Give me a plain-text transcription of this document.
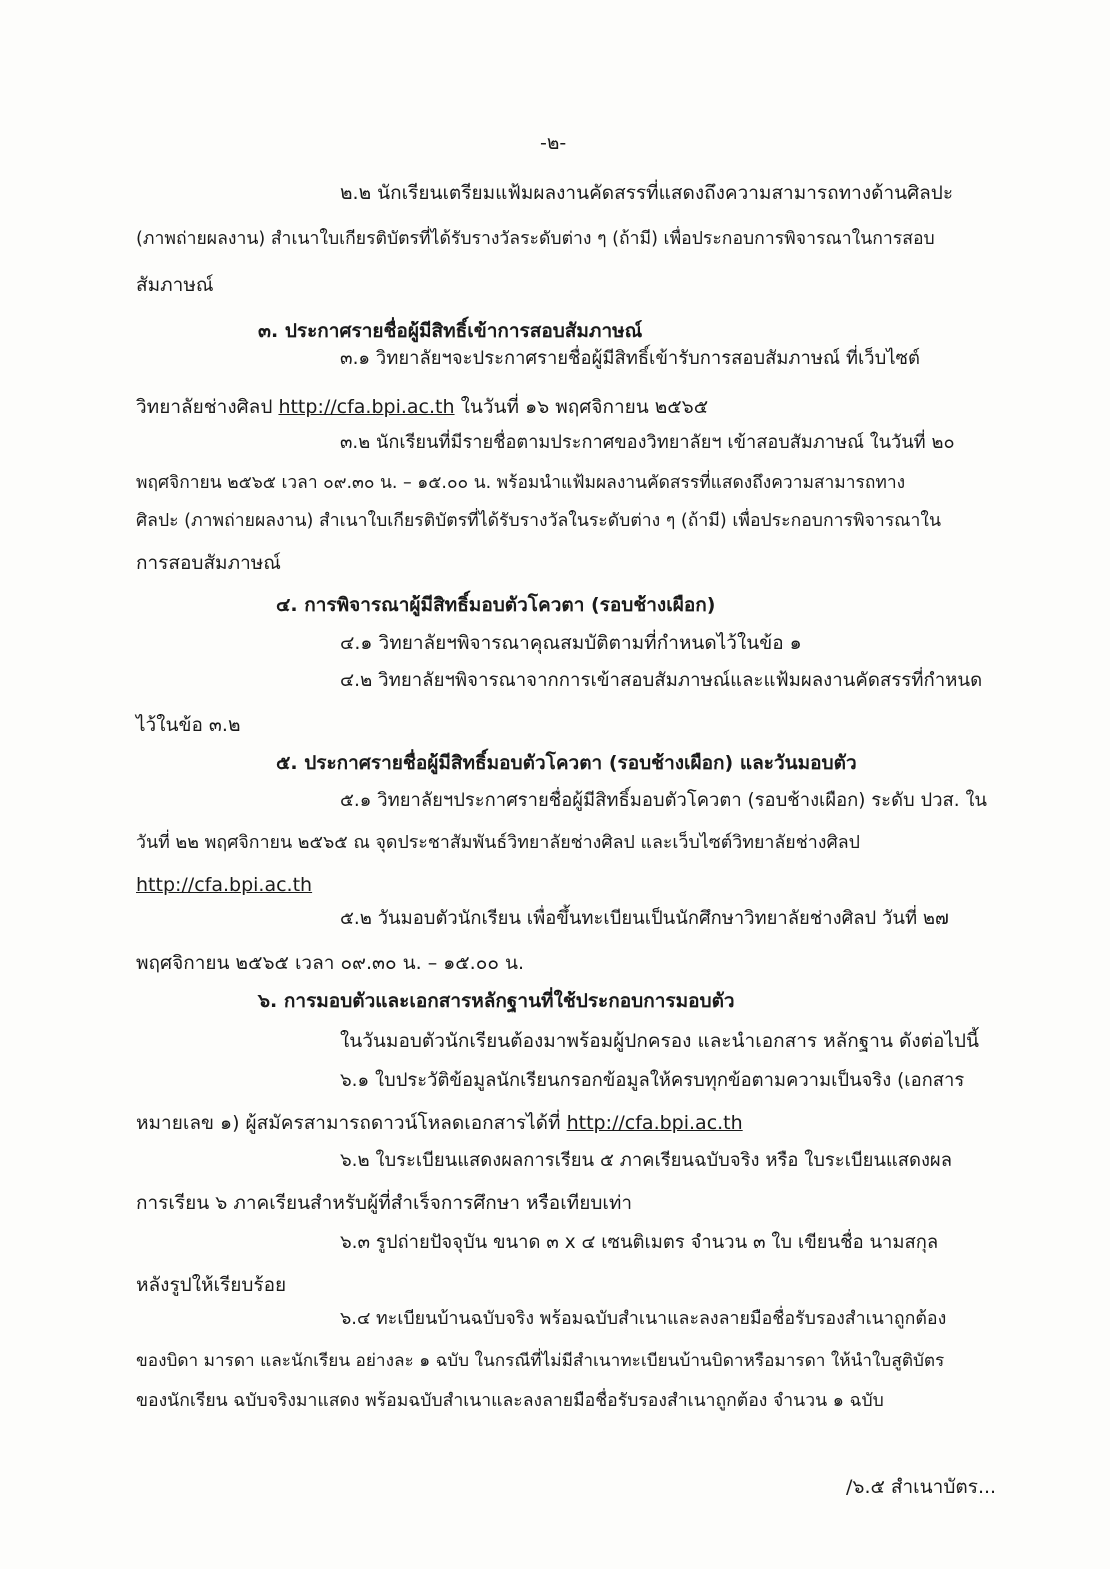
-๒-
๒.๒ นักเรียนเตรียมแฟ้มผลงานคัดสรรที่แสดงถึงความสามารถทางด้านศิลปะ
(ภาพถ่ายผลงาน) สำเนาใบเกียรติบัตรที่ได้รับรางวัลระดับต่าง ๆ (ถ้ามี) เพื่อประกอบการพิจารณาในการสอบ
สัมภาษณ์
๓. ประกาศรายชื่อผู้มีสิทธิ์เข้าการสอบสัมภาษณ์
๓.๑ วิทยาลัยฯจะประกาศรายชื่อผู้มีสิทธิ์เข้ารับการสอบสัมภาษณ์ ที่เว็บไซต์
วิทยาลัยช่างศิลป http://cfa.bpi.ac.th ในวันที่ ๑๖ พฤศจิกายน ๒๕๖๕
๓.๒ นักเรียนที่มีรายชื่อตามประกาศของวิทยาลัยฯ เข้าสอบสัมภาษณ์ ในวันที่ ๒๐
พฤศจิกายน ๒๕๖๕ เวลา ๐๙.๓๐ น. – ๑๕.๐๐ น. พร้อมนำแฟ้มผลงานคัดสรรที่แสดงถึงความสามารถทาง
ศิลปะ (ภาพถ่ายผลงาน) สำเนาใบเกียรติบัตรที่ได้รับรางวัลในระดับต่าง ๆ (ถ้ามี) เพื่อประกอบการพิจารณาใน
การสอบสัมภาษณ์
๔. การพิจารณาผู้มีสิทธิ์มอบตัวโควตา (รอบช้างเผือก)
๔.๑ วิทยาลัยฯพิจารณาคุณสมบัติตามที่กำหนดไว้ในข้อ ๑
๔.๒ วิทยาลัยฯพิจารณาจากการเข้าสอบสัมภาษณ์และแฟ้มผลงานคัดสรรที่กำหนด
ไว้ในข้อ ๓.๒
๕. ประกาศรายชื่อผู้มีสิทธิ์มอบตัวโควตา (รอบช้างเผือก) และวันมอบตัว
๕.๑ วิทยาลัยฯประกาศรายชื่อผู้มีสิทธิ์มอบตัวโควตา (รอบช้างเผือก) ระดับ ปวส. ใน
วันที่ ๒๒ พฤศจิกายน ๒๕๖๕ ณ จุดประชาสัมพันธ์วิทยาลัยช่างศิลป และเว็บไซต์วิทยาลัยช่างศิลป
http://cfa.bpi.ac.th
๕.๒ วันมอบตัวนักเรียน เพื่อขึ้นทะเบียนเป็นนักศึกษาวิทยาลัยช่างศิลป วันที่ ๒๗
พฤศจิกายน ๒๕๖๕ เวลา ๐๙.๓๐ น. – ๑๕.๐๐ น.
๖. การมอบตัวและเอกสารหลักฐานที่ใช้ประกอบการมอบตัว
ในวันมอบตัวนักเรียนต้องมาพร้อมผู้ปกครอง และนำเอกสาร หลักฐาน ดังต่อไปนี้
๖.๑ ใบประวัติข้อมูลนักเรียนกรอกข้อมูลให้ครบทุกข้อตามความเป็นจริง (เอกสาร
หมายเลข ๑) ผู้สมัครสามารถดาวน์โหลดเอกสารได้ที่ http://cfa.bpi.ac.th
๖.๒ ใบระเบียนแสดงผลการเรียน ๕ ภาคเรียนฉบับจริง หรือ ใบระเบียนแสดงผล
การเรียน ๖ ภาคเรียนสำหรับผู้ที่สำเร็จการศึกษา หรือเทียบเท่า
๖.๓ รูปถ่ายปัจจุบัน ขนาด ๓ x ๔ เซนติเมตร จำนวน ๓ ใบ เขียนชื่อ นามสกุล
หลังรูปให้เรียบร้อย
๖.๔ ทะเบียนบ้านฉบับจริง พร้อมฉบับสำเนาและลงลายมือชื่อรับรองสำเนาถูกต้อง
ของบิดา มารดา และนักเรียน อย่างละ ๑ ฉบับ ในกรณีที่ไม่มีสำเนาทะเบียนบ้านบิดาหรือมารดา ให้นำใบสูติบัตร
ของนักเรียน ฉบับจริงมาแสดง พร้อมฉบับสำเนาและลงลายมือชื่อรับรองสำเนาถูกต้อง จำนวน ๑ ฉบับ
/๖.๕ สำเนาบัตร...
